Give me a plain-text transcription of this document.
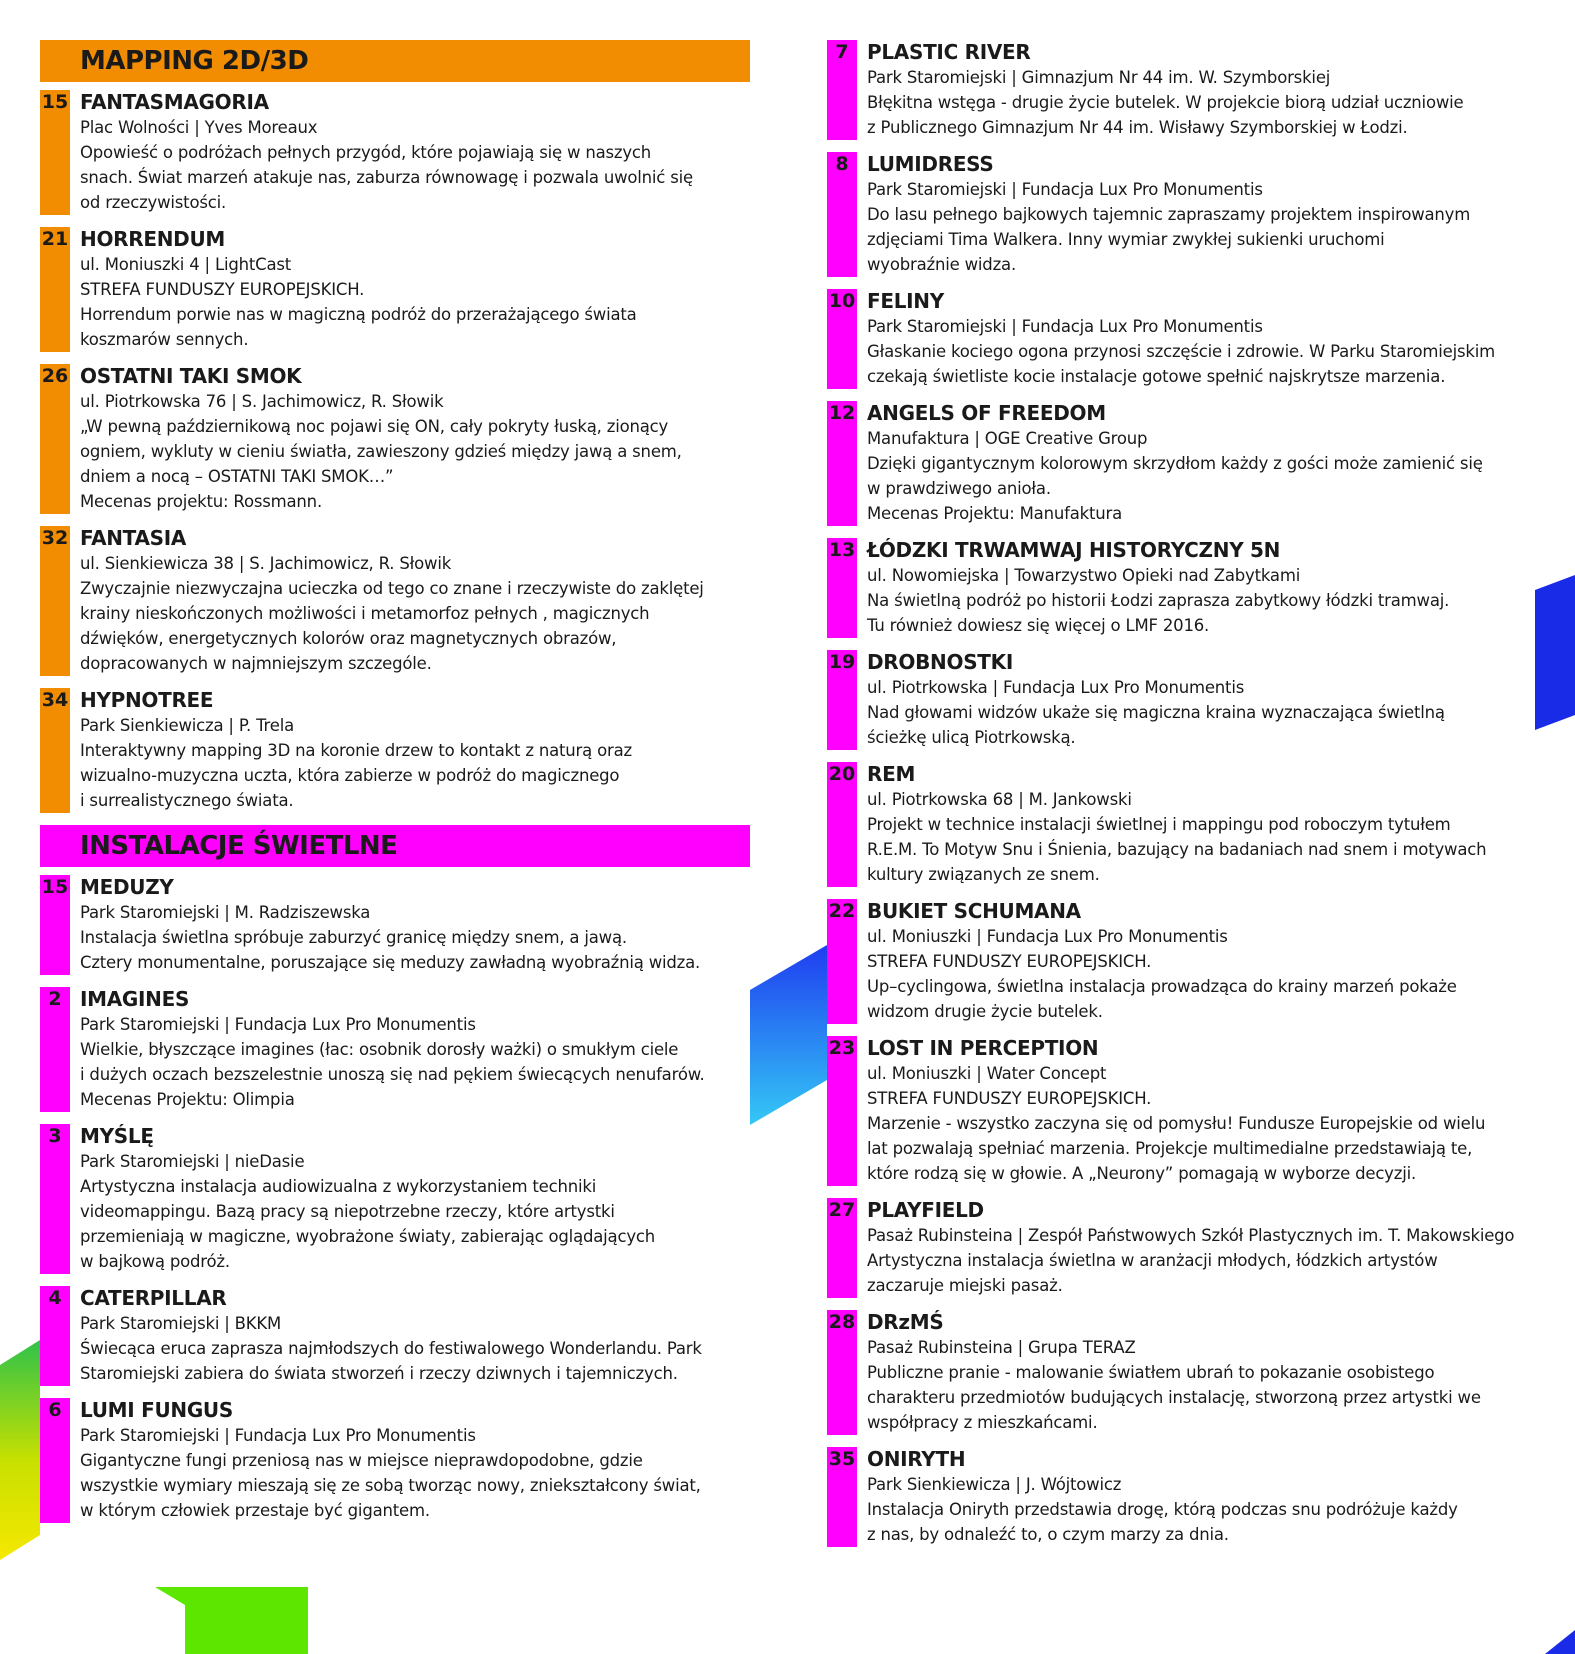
MAPPING 2D/3D
15 FANTASMAGORIA
Plac Wolności | Yves Moreaux
Opowieść o podróżach pełnych przygód, które pojawiają się w naszych
snach. Świat marzeń atakuje nas, zaburza równowagę i pozwala uwolnić się
od rzeczywistości.
21 HORRENDUM
ul. Moniuszki 4 | LightCast
STREFA FUNDUSZY EUROPEJSKICH.
Horrendum porwie nas w magiczną podróż do przerażającego świata
koszmarów sennych.
26 OSTATNI TAKI SMOK
ul. Piotrkowska 76 | S. Jachimowicz, R. Słowik
„W pewną październikową noc pojawi się ON, cały pokryty łuską, zionący
ogniem, wykluty w cieniu światła, zawieszony gdzieś między jawą a snem,
dniem a nocą – OSTATNI TAKI SMOK…”
Mecenas projektu: Rossmann.
32 FANTASIA
ul. Sienkiewicza 38 | S. Jachimowicz, R. Słowik
Zwyczajnie niezwyczajna ucieczka od tego co znane i rzeczywiste do zaklętej
krainy nieskończonych możliwości i metamorfoz pełnych , magicznych
dźwięków, energetycznych kolorów oraz magnetycznych obrazów,
dopracowanych w najmniejszym szczególe.
34 HYPNOTREE
Park Sienkiewicza | P. Trela
Interaktywny mapping 3D na koronie drzew to kontakt z naturą oraz
wizualno-muzyczna uczta, która zabierze w podróż do magicznego
i surrealistycznego świata.
INSTALACJE ŚWIETLNE
15 MEDUZY
Park Staromiejski | M. Radziszewska
Instalacja świetlna spróbuje zaburzyć granicę między snem, a jawą.
Cztery monumentalne, poruszające się meduzy zawładną wyobraźnią widza.
2 IMAGINES
Park Staromiejski | Fundacja Lux Pro Monumentis
Wielkie, błyszczące imagines (łac: osobnik dorosły ważki) o smukłym ciele
i dużych oczach bezszelestnie unoszą się nad pękiem świecących nenufarów.
Mecenas Projektu: Olimpia
3 MYŚLĘ
Park Staromiejski | nieDasie
Artystyczna instalacja audiowizualna z wykorzystaniem techniki
videomappingu. Bazą pracy są niepotrzebne rzeczy, które artystki
przemieniają w magiczne, wyobrażone światy, zabierając oglądających
w bajkową podróż.
4 CATERPILLAR
Park Staromiejski | BKKM
Świecąca eruca zaprasza najmłodszych do festiwalowego Wonderlandu. Park
Staromiejski zabiera do świata stworzeń i rzeczy dziwnych i tajemniczych.
6 LUMI FUNGUS
Park Staromiejski | Fundacja Lux Pro Monumentis
Gigantyczne fungi przeniosą nas w miejsce nieprawdopodobne, gdzie
wszystkie wymiary mieszają się ze sobą tworząc nowy, zniekształcony świat,
w którym człowiek przestaje być gigantem.
7 PLASTIC RIVER
Park Staromiejski | Gimnazjum Nr 44 im. W. Szymborskiej
Błękitna wstęga - drugie życie butelek. W projekcie biorą udział uczniowie
z Publicznego Gimnazjum Nr 44 im. Wisławy Szymborskiej w Łodzi.
8 LUMIDRESS
Park Staromiejski | Fundacja Lux Pro Monumentis
Do lasu pełnego bajkowych tajemnic zapraszamy projektem inspirowanym
zdjęciami Tima Walkera. Inny wymiar zwykłej sukienki uruchomi
wyobraźnie widza.
10 FELINY
Park Staromiejski | Fundacja Lux Pro Monumentis
Głaskanie kociego ogona przynosi szczęście i zdrowie. W Parku Staromiejskim
czekają świetliste kocie instalacje gotowe spełnić najskrytsze marzenia.
12 ANGELS OF FREEDOM
Manufaktura | OGE Creative Group
Dzięki gigantycznym kolorowym skrzydłom każdy z gości może zamienić się
w prawdziwego anioła.
Mecenas Projektu: Manufaktura
13 ŁÓDZKI TRWAMWAJ HISTORYCZNY 5N
ul. Nowomiejska | Towarzystwo Opieki nad Zabytkami
Na świetlną podróż po historii Łodzi zaprasza zabytkowy łódzki tramwaj.
Tu również dowiesz się więcej o LMF 2016.
19 DROBNOSTKI
ul. Piotrkowska | Fundacja Lux Pro Monumentis
Nad głowami widzów ukaże się magiczna kraina wyznaczająca świetlną
ścieżkę ulicą Piotrkowską.
20 REM
ul. Piotrkowska 68 | M. Jankowski
Projekt w technice instalacji świetlnej i mappingu pod roboczym tytułem
R.E.M. To Motyw Snu i Śnienia, bazujący na badaniach nad snem i motywach
kultury związanych ze snem.
22 BUKIET SCHUMANA
ul. Moniuszki | Fundacja Lux Pro Monumentis
STREFA FUNDUSZY EUROPEJSKICH.
Up–cyclingowa, świetlna instalacja prowadząca do krainy marzeń pokaże
widzom drugie życie butelek.
23 LOST IN PERCEPTION
ul. Moniuszki | Water Concept
STREFA FUNDUSZY EUROPEJSKICH.
Marzenie - wszystko zaczyna się od pomysłu! Fundusze Europejskie od wielu
lat pozwalają spełniać marzenia. Projekcje multimedialne przedstawiają te,
które rodzą się w głowie. A „Neurony” pomagają w wyborze decyzji.
27 PLAYFIELD
Pasaż Rubinsteina | Zespół Państwowych Szkół Plastycznych im. T. Makowskiego
Artystyczna instalacja świetlna w aranżacji młodych, łódzkich artystów
zaczaruje miejski pasaż.
28 DRzMŚ
Pasaż Rubinsteina | Grupa TERAZ
Publiczne pranie - malowanie światłem ubrań to pokazanie osobistego
charakteru przedmiotów budujących instalację, stworzoną przez artystki we
współpracy z mieszkańcami.
35 ONIRYTH
Park Sienkiewicza | J. Wójtowicz
Instalacja Oniryth przedstawia drogę, którą podczas snu podróżuje każdy
z nas, by odnaleźć to, o czym marzy za dnia.
